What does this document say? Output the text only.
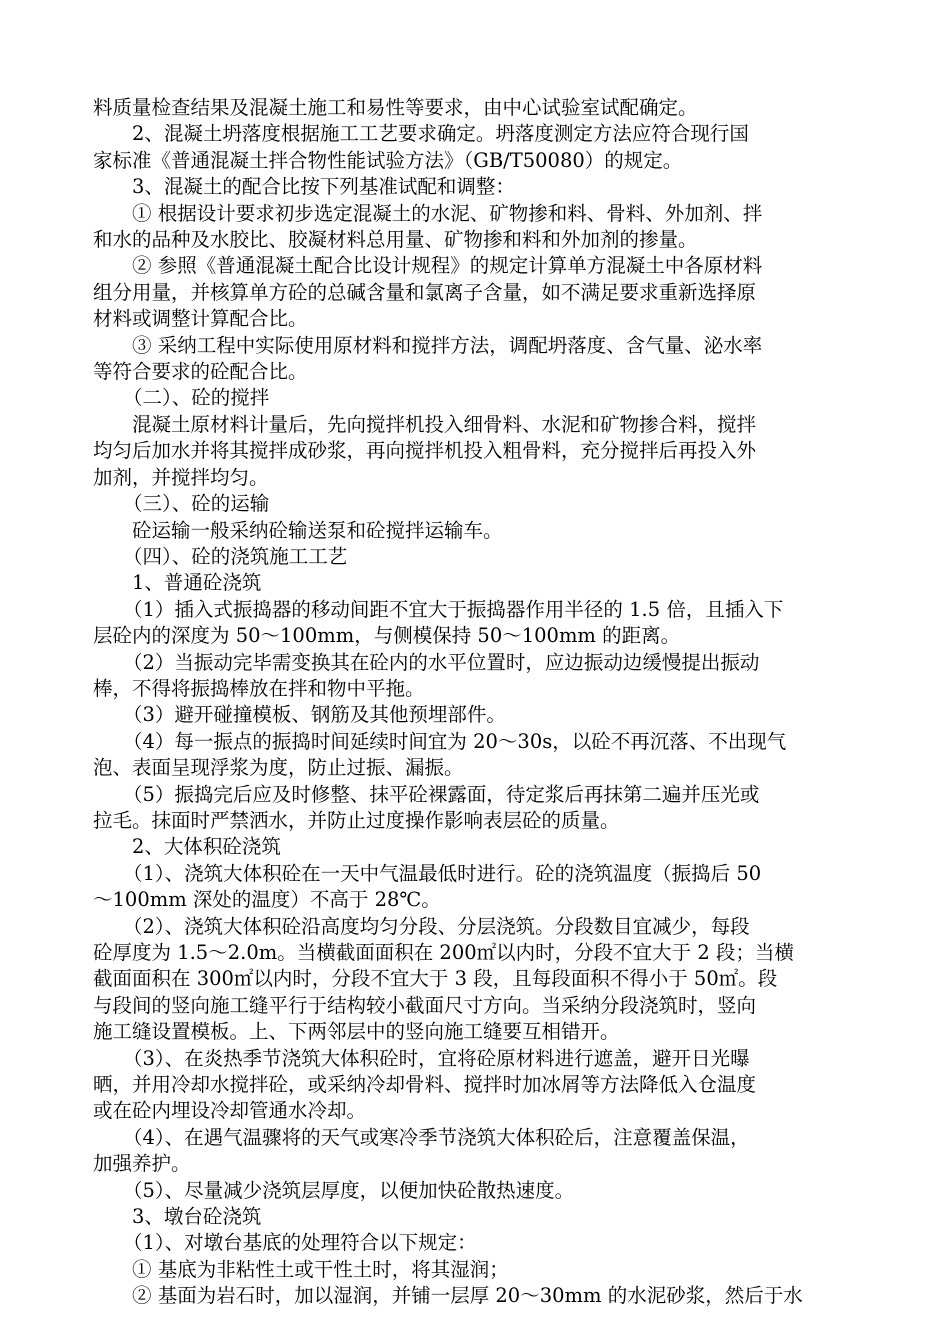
料质量检查结果及混凝土施工和易性等要求，由中心试验室试配确定。
2、混凝土坍落度根据施工工艺要求确定。坍落度测定方法应符合现行国
家标准《普通混凝土拌合物性能试验方法》（GB/T50080）的规定。
3、混凝土的配合比按下列基准试配和调整：
① 根据设计要求初步选定混凝土的水泥、矿物掺和料、骨料、外加剂、拌
和水的品种及水胶比、胶凝材料总用量、矿物掺和料和外加剂的掺量。
② 参照《普通混凝土配合比设计规程》的规定计算单方混凝土中各原材料
组分用量，并核算单方砼的总碱含量和氯离子含量，如不满足要求重新选择原
材料或调整计算配合比。
③ 采纳工程中实际使用原材料和搅拌方法，调配坍落度、含气量、泌水率
等符合要求的砼配合比。
（二）、砼的搅拌
混凝土原材料计量后，先向搅拌机投入细骨料、水泥和矿物掺合料，搅拌
均匀后加水并将其搅拌成砂浆，再向搅拌机投入粗骨料，充分搅拌后再投入外
加剂，并搅拌均匀。
（三）、砼的运输
砼运输一般采纳砼输送泵和砼搅拌运输车。
（四）、砼的浇筑施工工艺
1、普通砼浇筑
（1）插入式振捣器的移动间距不宜大于振捣器作用半径的 1.5 倍，且插入下
层砼内的深度为 50～100mm，与侧模保持 50～100mm 的距离。
（2）当振动完毕需变换其在砼内的水平位置时，应边振动边缓慢提出振动
棒，不得将振捣棒放在拌和物中平拖。
（3）避开碰撞模板、钢筋及其他预埋部件。
（4）每一振点的振捣时间延续时间宜为 20～30s，以砼不再沉落、不出现气
泡、表面呈现浮浆为度，防止过振、漏振。
（5）振捣完后应及时修整、抹平砼裸露面，待定浆后再抹第二遍并压光或
拉毛。抹面时严禁洒水，并防止过度操作影响表层砼的质量。
2、大体积砼浇筑
（1）、浇筑大体积砼在一天中气温最低时进行。砼的浇筑温度（振捣后 50
～100mm 深处的温度）不高于 28℃。
（2）、浇筑大体积砼沿高度均匀分段、分层浇筑。分段数目宜减少，每段
砼厚度为 1.5～2.0m。当横截面面积在 200㎡以内时，分段不宜大于 2 段；当横
截面面积在 300㎡以内时，分段不宜大于 3 段，且每段面积不得小于 50㎡。段
与段间的竖向施工缝平行于结构较小截面尺寸方向。当采纳分段浇筑时，竖向
施工缝设置模板。上、下两邻层中的竖向施工缝要互相错开。
（3）、在炎热季节浇筑大体积砼时，宜将砼原材料进行遮盖，避开日光曝
晒，并用冷却水搅拌砼，或采纳冷却骨料、搅拌时加冰屑等方法降低入仓温度
或在砼内埋设冷却管通水冷却。
（4）、在遇气温骤将的天气或寒冷季节浇筑大体积砼后，注意覆盖保温，
加强养护。
（5）、尽量减少浇筑层厚度，以便加快砼散热速度。
3、墩台砼浇筑
（1）、对墩台基底的处理符合以下规定：
① 基底为非粘性土或干性土时，将其湿润；
② 基面为岩石时，加以湿润，并铺一层厚 20～30mm 的水泥砂浆，然后于水
